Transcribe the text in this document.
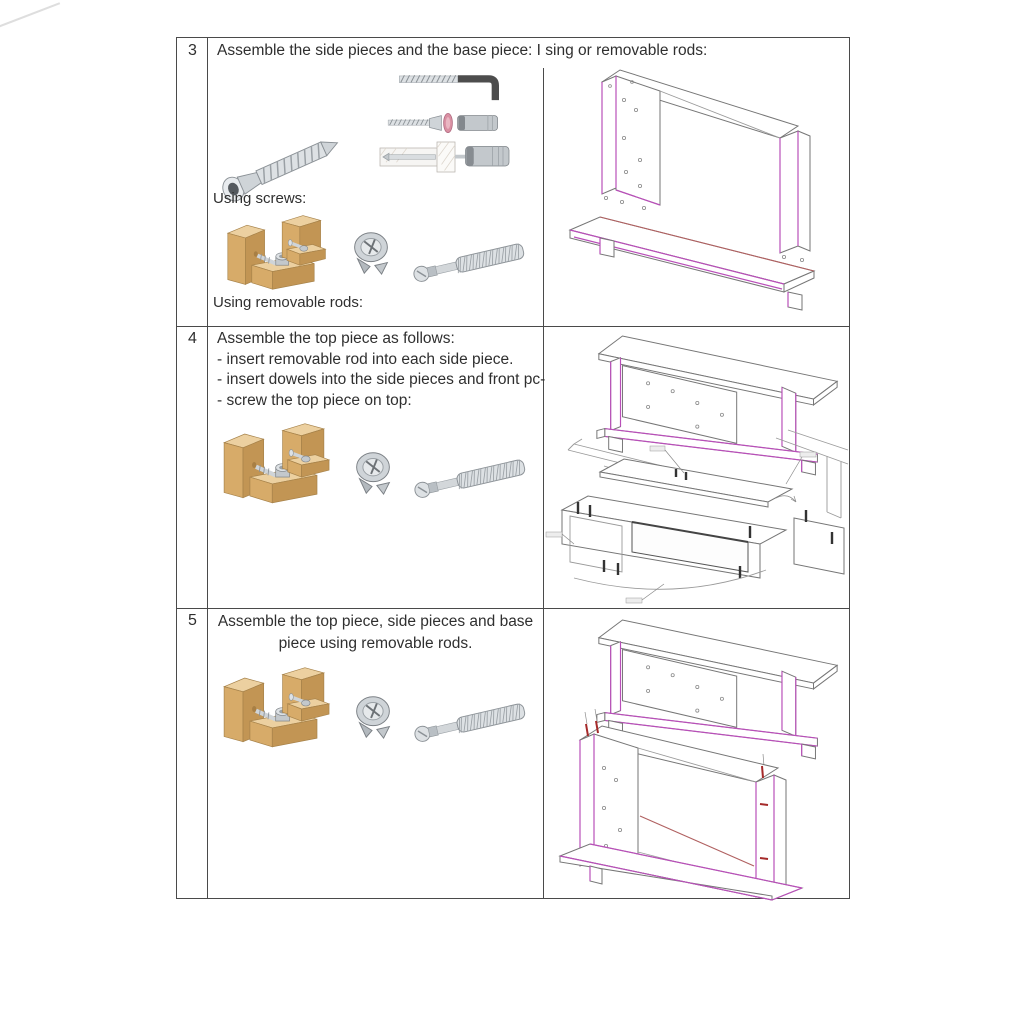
3 Assemble the side pieces and the base piece: I sing or removable rods:
Using screws:
Using removable rods:
4 Assemble the top piece as follows:
- insert removable rod into each side piece.
- insert dowels into the side pieces and front pc-
- screw the top piece on top:
5	Assemble the top piece, side pieces and base
piece using removable rods.
